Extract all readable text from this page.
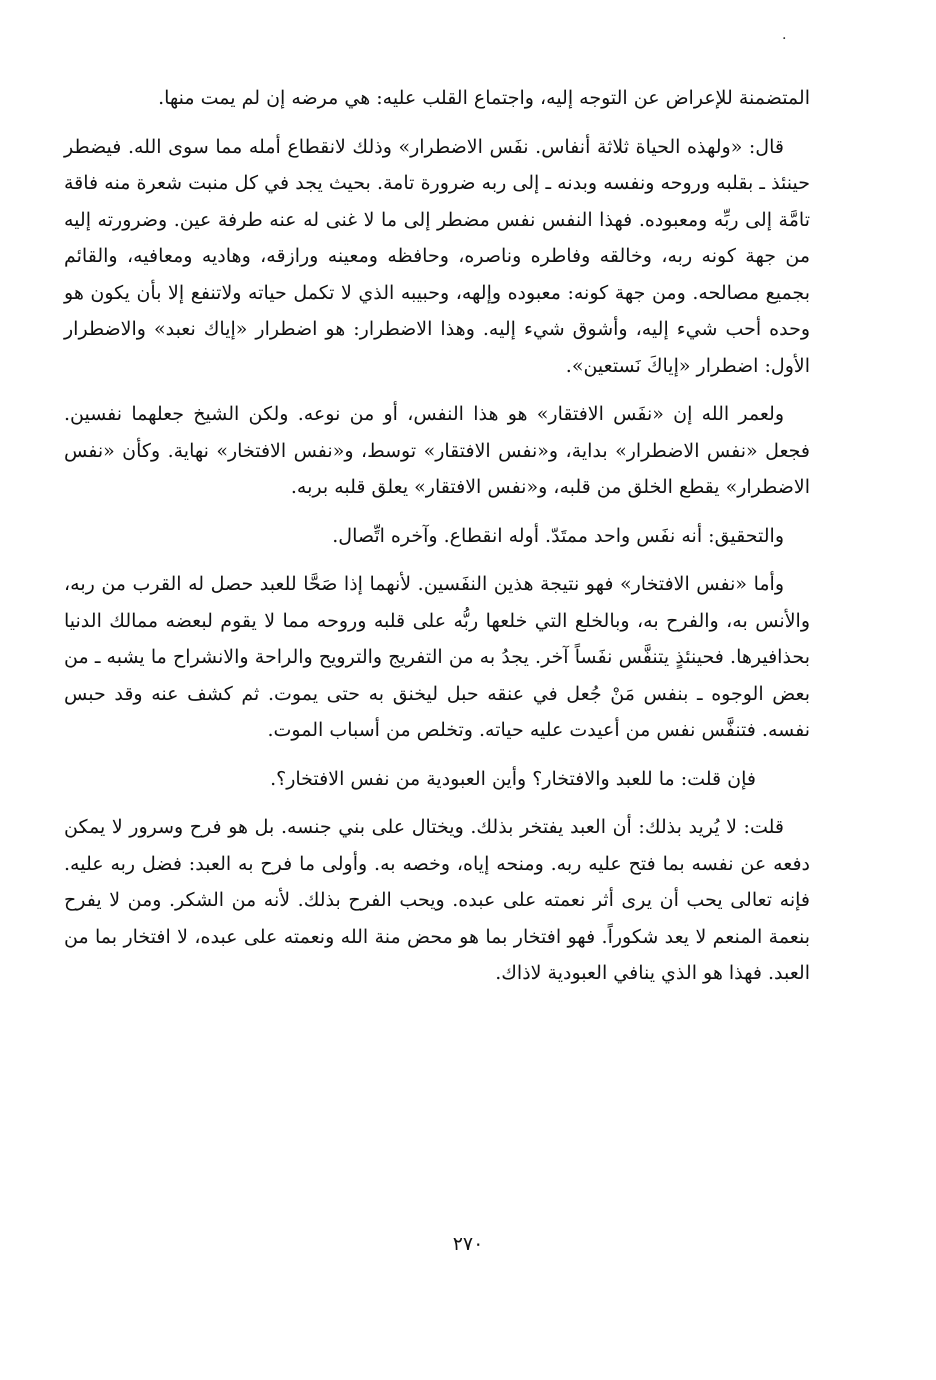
.

المتضمنة للإعراض عن التوجه إليه، واجتماع القلب عليه: هي مرضه إن لم يمت منها.

قال: «ولهذه الحياة ثلاثة أنفاس. نفَس الاضطرار» وذلك لانقطاع أمله مما سوى الله. فيضطر حينئذ ـ بقلبه وروحه ونفسه وبدنه ـ إلى ربه ضرورة تامة. بحيث يجد في كل منبت شعرة منه فاقة تامَّة إلى ربِّه ومعبوده. فهذا النفس نفس مضطر إلى ما لا غنى له عنه طرفة عين. وضرورته إليه من جهة كونه ربه، وخالقه وفاطره وناصره، وحافظه ومعينه ورازقه، وهاديه ومعافيه، والقائم بجميع مصالحه. ومن جهة كونه: معبوده وإلهه، وحبيبه الذي لا تكمل حياته ولاتنفع إلا بأن يكون هو وحده أحب شيء إليه، وأشوق شيء إليه. وهذا الاضطرار: هو اضطرار «إياك نعبد» والاضطرار الأول: اضطرار «إياكَ نَستعين».

ولعمر الله إن «نفَس الافتقار» هو هذا النفس، أو من نوعه. ولكن الشيخ جعلهما نفسين. فجعل «نفس الاضطرار» بداية، و«نفس الافتقار» توسط، و«نفس الافتخار» نهاية. وكأن «نفس الاضطرار» يقطع الخلق من قلبه، و«نفس الافتقار» يعلق قلبه بربه.

والتحقيق: أنه نفَس واحد ممتَدّ. أوله انقطاع. وآخره اتِّصال.

وأما «نفس الافتخار» فهو نتيجة هذين النفَسين. لأنهما إذا صَحَّا للعبد حصل له القرب من ربه، والأنس به، والفرح به، وبالخلع التي خلعها ربُّه على قلبه وروحه مما لا يقوم لبعضه ممالك الدنيا بحذافيرها. فحينئذٍ يتنفَّس نفَساً آخر. يجدُ به من التفريج والترويح والراحة والانشراح ما يشبه ـ من بعض الوجوه ـ بنفس مَنْ جُعل في عنقه حبل ليخنق به حتى يموت. ثم كشف عنه وقد حبس نفسه. فتنفَّس نفس من أعيدت عليه حياته. وتخلص من أسباب الموت.

فإن قلت: ما للعبد والافتخار؟ وأين العبودية من نفس الافتخار؟.

قلت: لا يُريد بذلك: أن العبد يفتخر بذلك. ويختال على بني جنسه. بل هو فرح وسرور لا يمكن دفعه عن نفسه بما فتح عليه ربه. ومنحه إياه، وخصه به. وأولى ما فرح به العبد: فضل ربه عليه. فإنه تعالى يحب أن يرى أثر نعمته على عبده. ويحب الفرح بذلك. لأنه من الشكر. ومن لا يفرح بنعمة المنعم لا يعد شكوراً. فهو افتخار بما هو محض منة الله ونعمته على عبده، لا افتخار بما من العبد. فهذا هو الذي ينافي العبودية لاذاك.

٢٧٠
